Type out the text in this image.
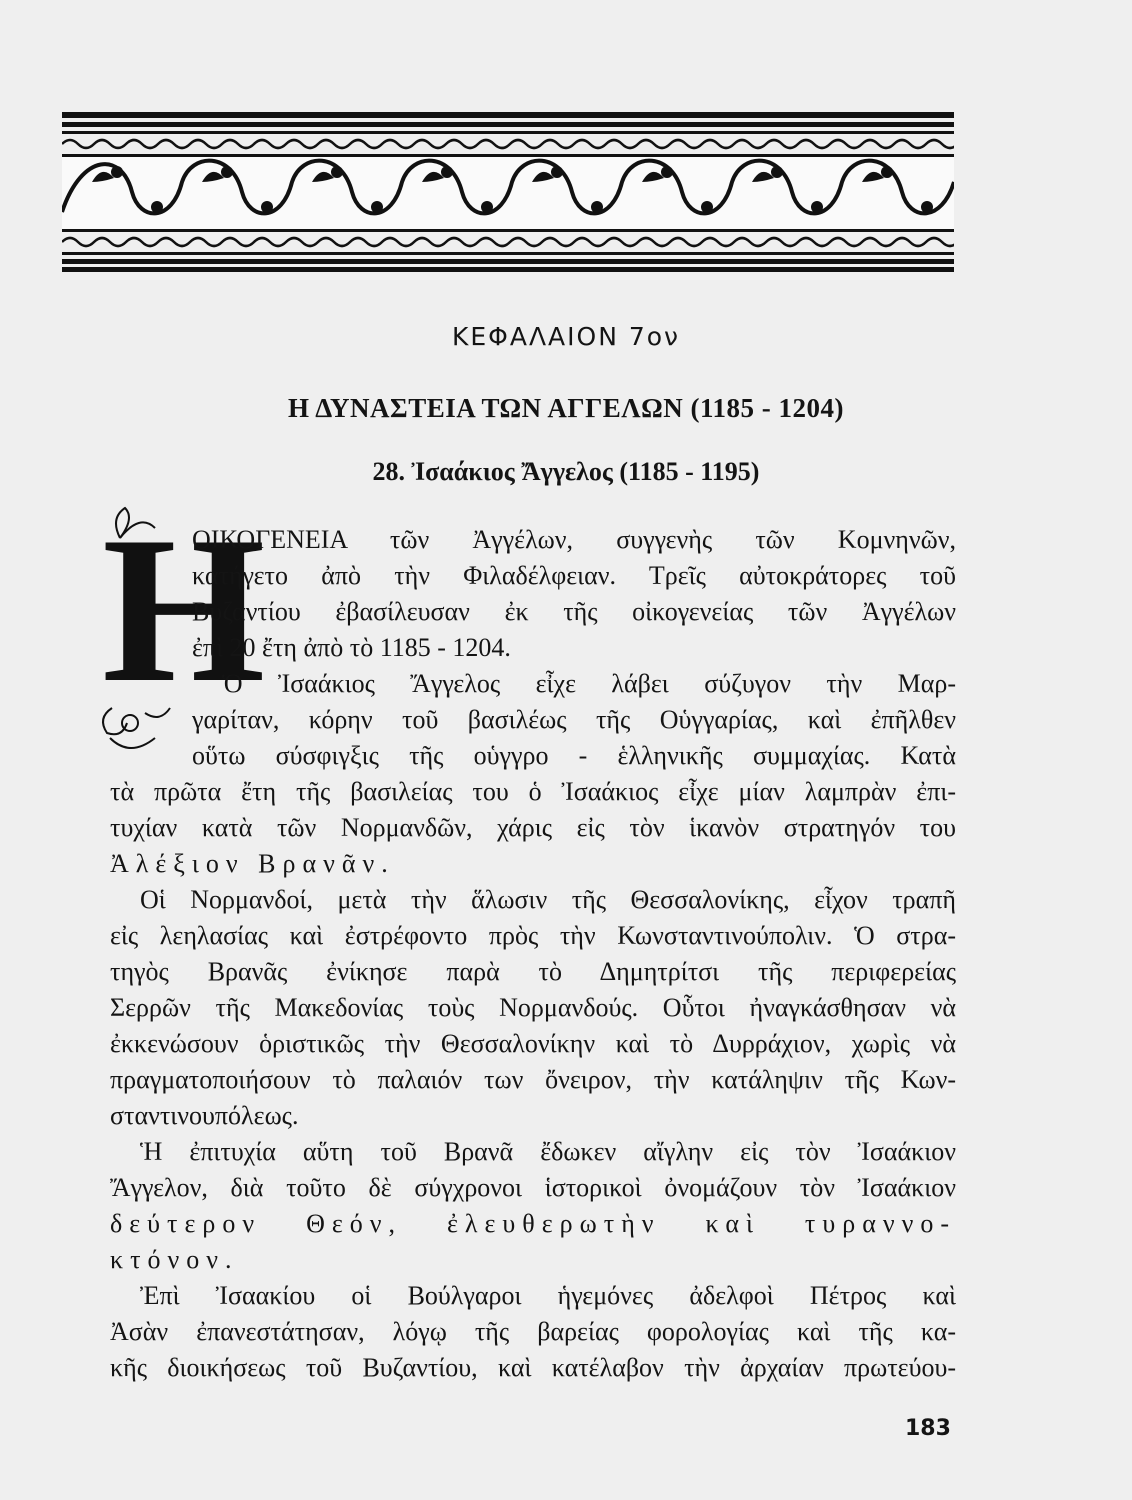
ΚΕΦΑΛΑΙΟΝ 7ον
Η ΔΥΝΑΣΤΕΙΑ ΤΩΝ ΑΓΓΕΛΩΝ (1185 - 1204)
28. Ἰσαάκιος Ἄγγελος (1185 - 1195)
Η
ΟΙΚΟΓΕΝΕΙΑ τῶν Ἀγγέλων, συγγενὴς τῶν Κομνηνῶν,
κατήγετο ἀπὸ τὴν Φιλαδέλφειαν. Τρεῖς αὐτοκράτορες τοῦ
Βυζαντίου ἐβασίλευσαν ἐκ τῆς οἰκογενείας τῶν Ἀγγέλων
ἐπὶ 20 ἔτη ἀπὸ τὸ 1185 - 1204.
Ὁ Ἰσαάκιος Ἄγγελος εἶχε λάβει σύζυγον τὴν Μαρ-
γαρίταν, κόρην τοῦ βασιλέως τῆς Οὑγγαρίας, καὶ ἐπῆλθεν
οὕτω σύσφιγξις τῆς οὑγγρο - ἑλληνικῆς συμμαχίας. Κατὰ
τὰ πρῶτα ἔτη τῆς βασιλείας του ὁ Ἰσαάκιος εἶχε μίαν λαμπρὰν ἐπι-
τυχίαν κατὰ τῶν Νορμανδῶν, χάρις εἰς τὸν ἱκανὸν στρατηγόν του
Ἀλέξιον Βρανᾶν.
Οἱ Νορμανδοί, μετὰ τὴν ἅλωσιν τῆς Θεσσαλονίκης, εἶχον τραπῆ
εἰς λεηλασίας καὶ ἐστρέφοντο πρὸς τὴν Κωνσταντινούπολιν. Ὁ στρα-
τηγὸς Βρανᾶς ἐνίκησε παρὰ τὸ Δημητρίτσι τῆς περιφερείας
Σερρῶν τῆς Μακεδονίας τοὺς Νορμανδούς. Οὗτοι ἠναγκάσθησαν νὰ
ἐκκενώσουν ὁριστικῶς τὴν Θεσσαλονίκην καὶ τὸ Δυρράχιον, χωρὶς νὰ
πραγματοποιήσουν τὸ παλαιόν των ὄνειρον, τὴν κατάληψιν τῆς Κων-
σταντινουπόλεως.
Ἡ ἐπιτυχία αὕτη τοῦ Βρανᾶ ἔδωκεν αἴγλην εἰς τὸν Ἰσαάκιον
Ἄγγελον, διὰ τοῦτο δὲ σύγχρονοι ἱστορικοὶ ὀνομάζουν τὸν Ἰσαάκιον
δεύτερον Θεόν, ἐλευθερωτὴν καὶ τυραννο-
κτόνον.
Ἐπὶ Ἰσαακίου οἱ Βούλγαροι ἡγεμόνες ἀδελφοὶ Πέτρος καὶ
Ἀσὰν ἐπανεστάτησαν, λόγῳ τῆς βαρείας φορολογίας καὶ τῆς κα-
κῆς διοικήσεως τοῦ Βυζαντίου, καὶ κατέλαβον τὴν ἀρχαίαν πρωτεύου-
183
